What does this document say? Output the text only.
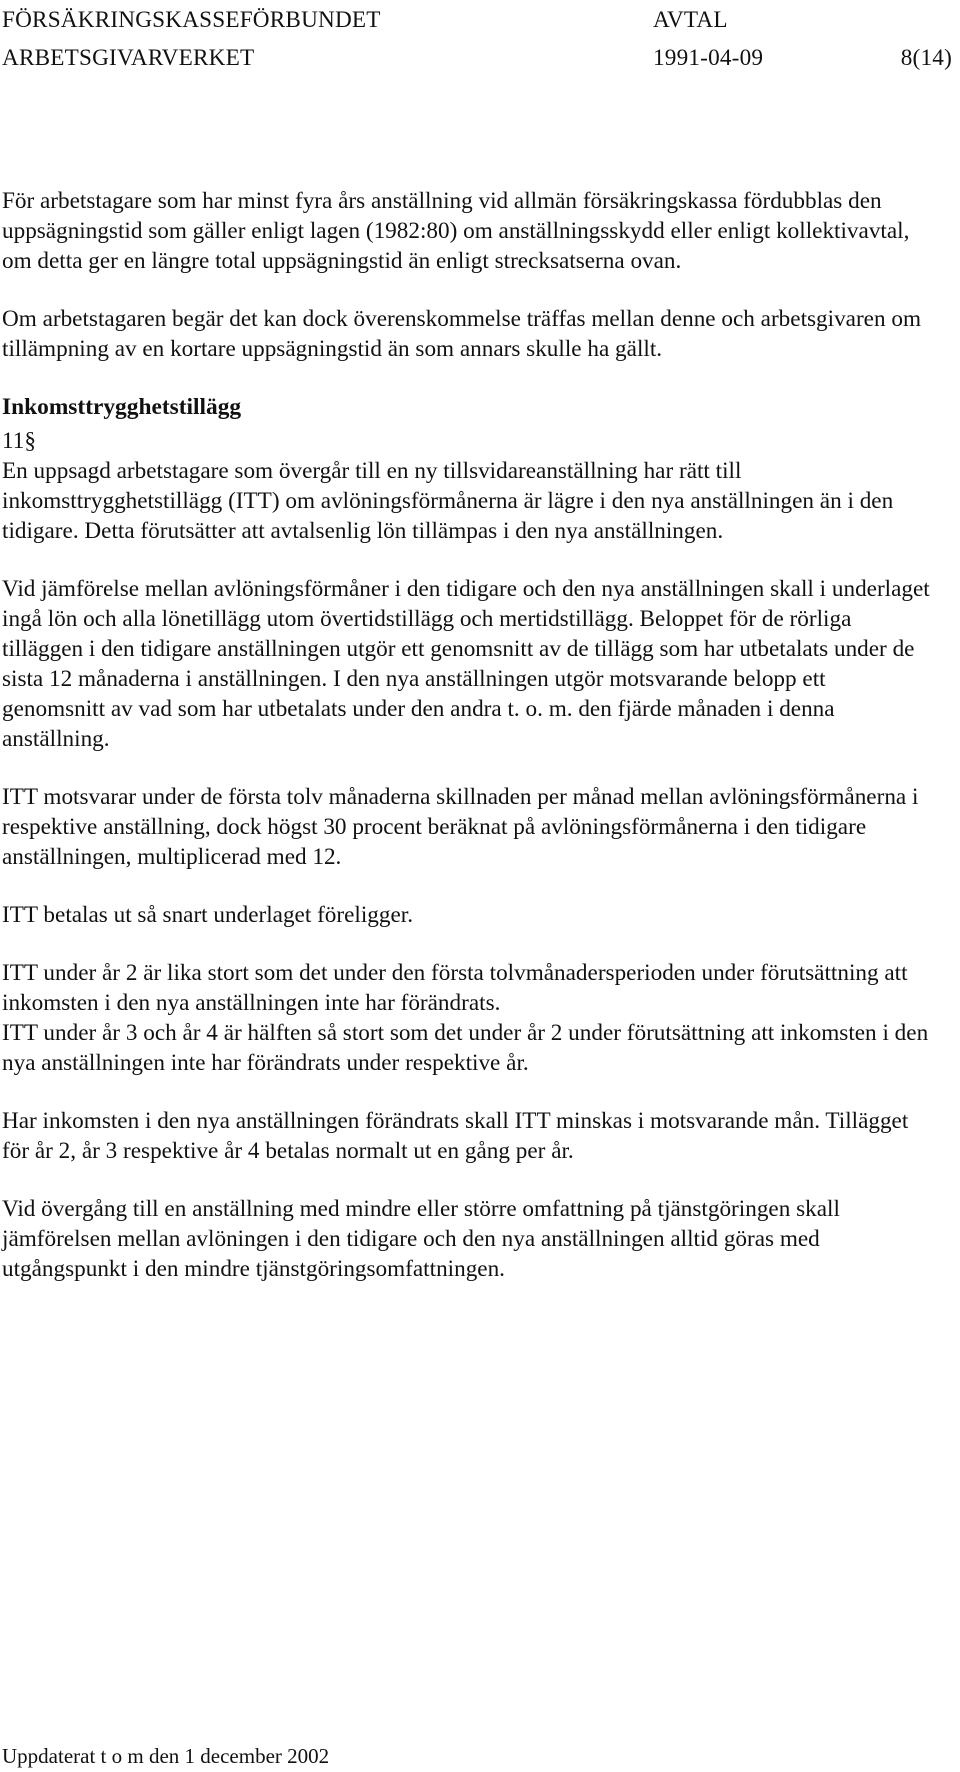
FÖRSÄKRINGSKASSEFÖRBUNDET	AVTAL
ARBETSGIVARVERKET	1991-04-09	8(14)

För arbetstagare som har minst fyra års anställning vid allmän försäkringskassa fördubblas den uppsägningstid som gäller enligt lagen (1982:80) om anställningsskydd eller enligt kollektivavtal, om detta ger en längre total uppsägningstid än enligt strecksatserna ovan.

Om arbetstagaren begär det kan dock överenskommelse träffas mellan denne och arbetsgivaren om tillämpning av en kortare uppsägningstid än som annars skulle ha gällt.

Inkomsttrygghetstillägg
11§

En uppsagd arbetstagare som övergår till en ny tillsvidareanställning har rätt till inkomsttrygghetstillägg (ITT) om avlöningsförmånerna är lägre i den nya anställningen än i den tidigare. Detta förutsätter att avtalsenlig lön tillämpas i den nya anställningen.

Vid jämförelse mellan avlöningsförmåner i den tidigare och den nya anställningen skall i underlaget ingå lön och alla lönetillägg utom övertidstillägg och mertidstillägg. Beloppet för de rörliga tilläggen i den tidigare anställningen utgör ett genomsnitt av de tillägg som har utbetalats under de sista 12 månaderna i anställningen. I den nya anställningen utgör motsvarande belopp ett genomsnitt av vad som har utbetalats under den andra t. o. m. den fjärde månaden i denna anställning.

ITT motsvarar under de första tolv månaderna skillnaden per månad mellan avlöningsförmånerna i respektive anställning, dock högst 30 procent beräknat på avlöningsförmånerna i den tidigare anställningen, multiplicerad med 12.

ITT betalas ut så snart underlaget föreligger.

ITT under år 2 är lika stort som det under den första tolvmånadersperioden under förutsättning att inkomsten i den nya anställningen inte har förändrats.

ITT under år 3 och år 4 är hälften så stort som det under år 2 under förutsättning att inkomsten i den nya anställningen inte har förändrats under respektive år.

Har inkomsten i den nya anställningen förändrats skall ITT minskas i motsvarande mån. Tillägget för år 2, år 3 respektive år 4 betalas normalt ut en gång per år.

Vid övergång till en anställning med mindre eller större omfattning på tjänstgöringen skall jämförelsen mellan avlöningen i den tidigare och den nya anställningen alltid göras med utgångspunkt i den mindre tjänstgöringsomfattningen.

Uppdaterat t o m den 1 december 2002
